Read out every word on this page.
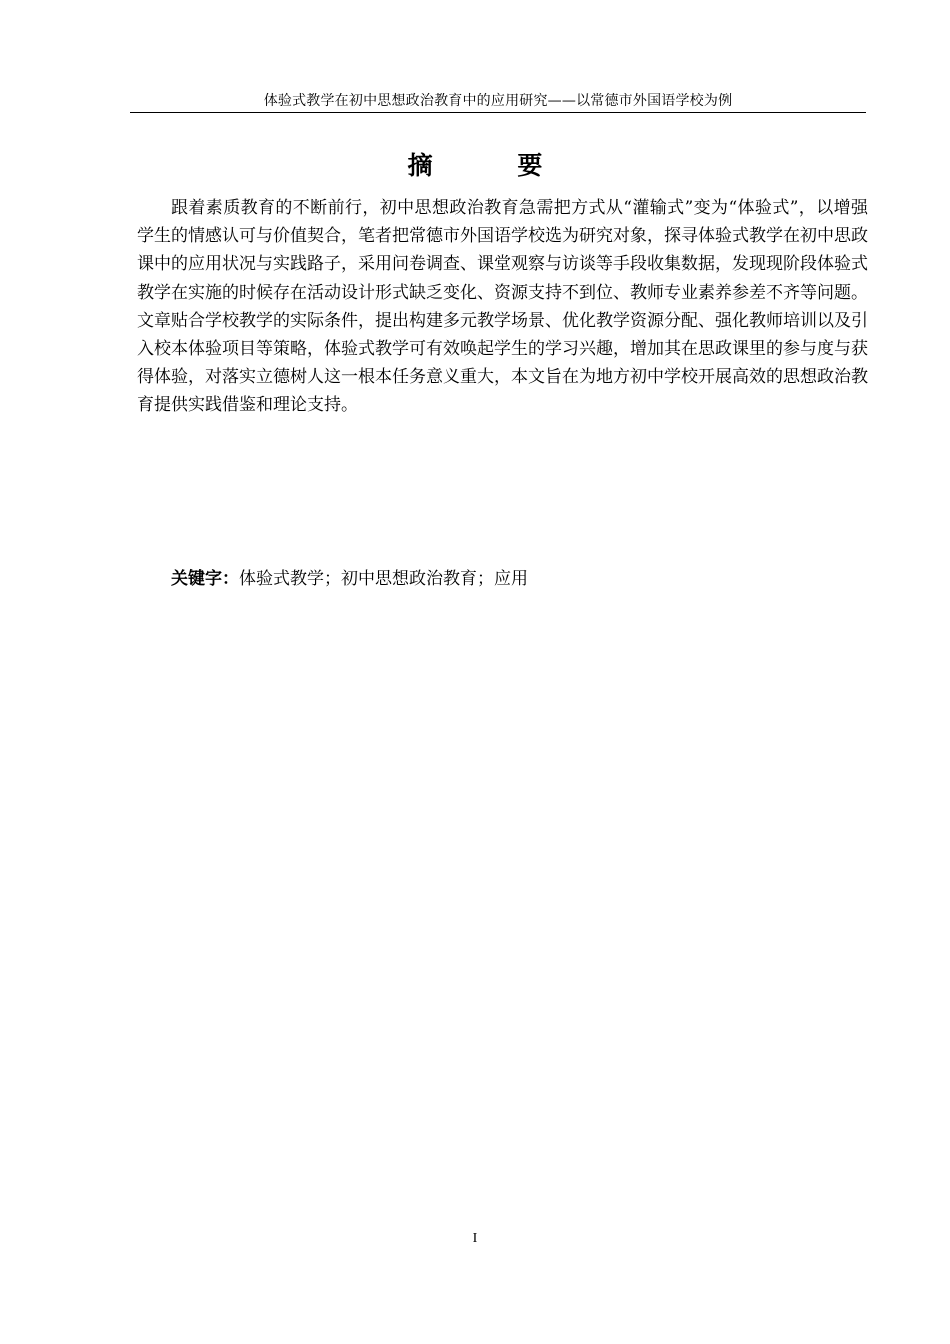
体验式教学在初中思想政治教育中的应用研究——以常德市外国语学校为例
摘 要

跟着素质教育的不断前行，初中思想政治教育急需把方式从“灌输式”变为“体验式”，以增强学生的情感认可与价值契合，笔者把常德市外国语学校选为研究对象，探寻体验式教学在初中思政课中的应用状况与实践路子，采用问卷调查、课堂观察与访谈等手段收集数据，发现现阶段体验式教学在实施的时候存在活动设计形式缺乏变化、资源支持不到位、教师专业素养参差不齐等问题。文章贴合学校教学的实际条件，提出构建多元教学场景、优化教学资源分配、强化教师培训以及引入校本体验项目等策略，体验式教学可有效唤起学生的学习兴趣，增加其在思政课里的参与度与获得体验，对落实立德树人这一根本任务意义重大，本文旨在为地方初中学校开展高效的思想政治教育提供实践借鉴和理论支持。

关键字：体验式教学；初中思想政治教育；应用

I
